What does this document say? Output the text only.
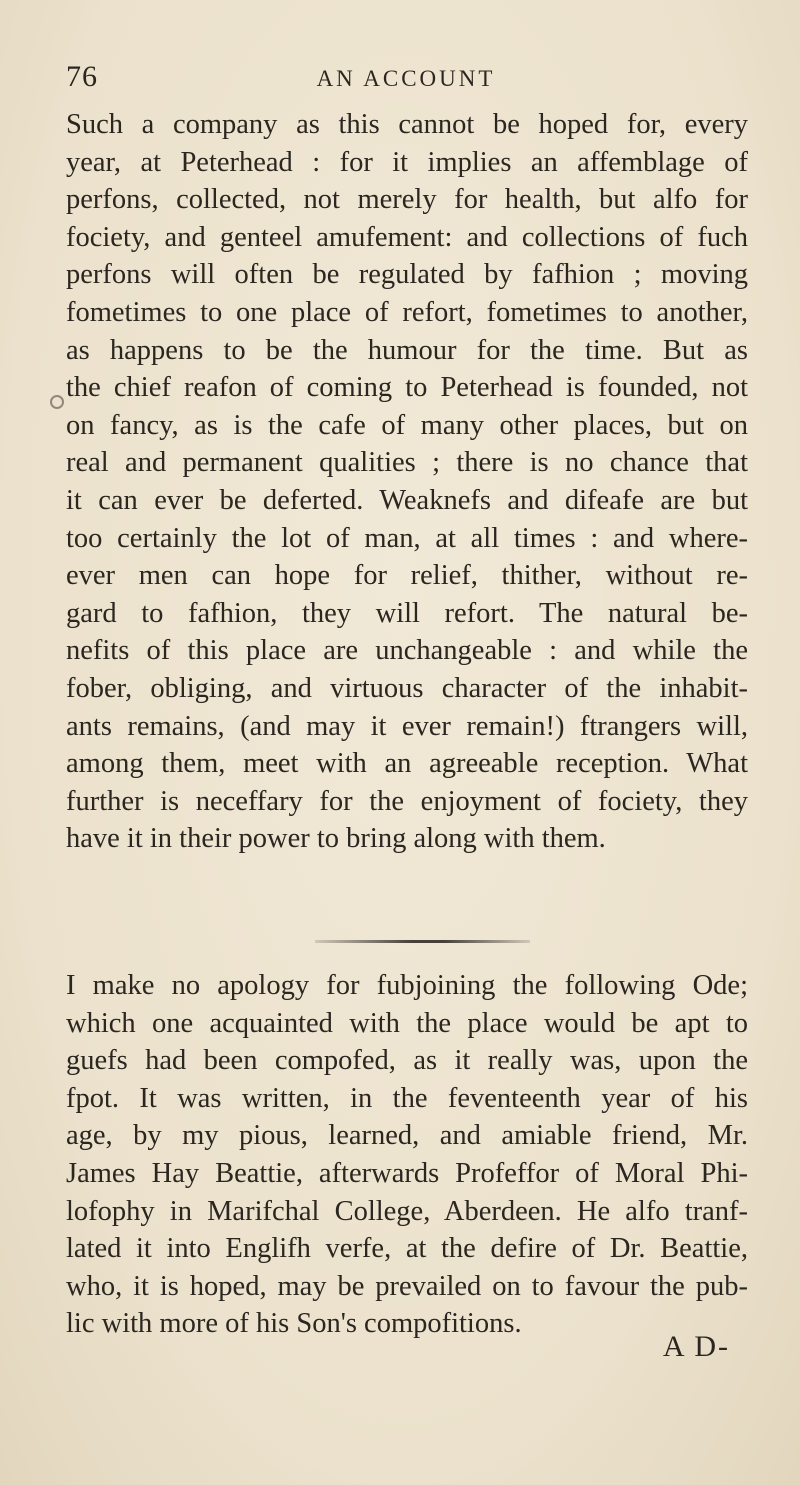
76	AN ACCOUNT

Such a company as this cannot be hoped for, every
year, at Peterhead : for it implies an affemblage of
perfons, collected, not merely for health, but alfo for
fociety, and genteel amufement: and collections of fuch
perfons will often be regulated by fafhion ; moving
fometimes to one place of refort, fometimes to another,
as happens to be the humour for the time. But as
the chief reafon of coming to Peterhead is founded, not
on fancy, as is the cafe of many other places, but on
real and permanent qualities ; there is no chance that
it can ever be deferted. Weaknefs and difeafe are but
too certainly the lot of man, at all times : and where-
ever men can hope for relief, thither, without re-
gard to fafhion, they will refort. The natural be-
nefits of this place are unchangeable : and while the
fober, obliging, and virtuous character of the inhabit-
ants remains, (and may it ever remain!) ftrangers will,
among them, meet with an agreeable reception. What
further is neceffary for the enjoyment of fociety, they
have it in their power to bring along with them.

I make no apology for fubjoining the following Ode;
which one acquainted with the place would be apt to
guefs had been compofed, as it really was, upon the
fpot. It was written, in the feventeenth year of his
age, by my pious, learned, and amiable friend, Mr.
James Hay Beattie, afterwards Profeffor of Moral Phi-
lofophy in Marifchal College, Aberdeen. He alfo tranf-
lated it into Englifh verfe, at the defire of Dr. Beattie,
who, it is hoped, may be prevailed on to favour the pub-
lic with more of his Son's compofitions.

A D-
